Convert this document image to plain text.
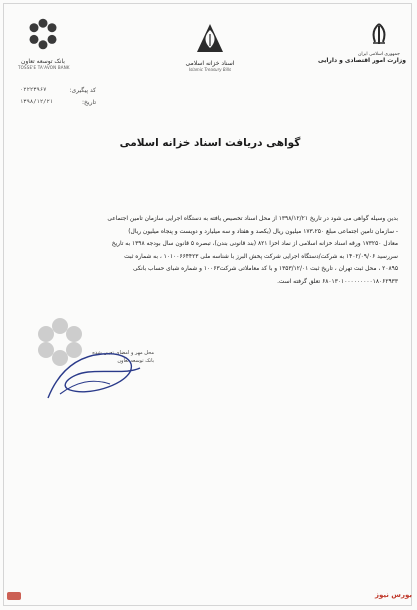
بانک توسعه تعاون
TOSSE'E TA'AVON BANK
کد پیگیری:
۰۲۲۲۳۹۶۷
تاریخ:
۱۳۹۸/۱۲/۲۱
اسناد خزانه اسلامی
Islamic Treasury Bills
جمهوری اسلامی ایران
وزارت امور اقتصادی و دارایی
گواهی دریافت اسناد خزانه اسلامی
بدین وسیله گواهی می شود در تاریخ ۱۳۹۸/۱۲/۲۱ از محل اسناد تخصیص یافته به دستگاه اجرایی سازمان تامین اجتماعی
- سازمان تامین اجتماعی مبلغ ۱۷۳،۲۵۰ میلیون ریال (یکصد و هفتاد و سه میلیارد و دویست و پنجاه میلیون ریال)
معادل ۱۷۳۲۵۰ ورقه اسناد خزانه اسلامی از نماد اخزا ۸۲۱ (بند قانونی بندن)، تبصره ۵ قانون سال بودجه ۱۳۹۸ به تاریخ
سررسید ۱۴۰۲/۰۹/۰۶ به شرکت/دستگاه اجرایی شرکت پخش البرز با شناسه ملی ۱۰۱۰۰۶۶۴۴۲۳ ، به شماره ثبت
۲۰۸۹۵ ، محل ثبت تهران ، تاریخ ثبت ۱۳۵۳/۱۲/۰۱ و با کد معاملاتی شرکت۱۰۰۶۳ و شماره شبای حساب بانکی
۶۸۰۱۳۰۱۰۰۰۰۰۰۰۰۰۱۸۰۶۲۹۳۳ تعلق گرفته است.
محل مهر و امضای تعیین شده
بانک توسعه تعاون
بورس نیوز
